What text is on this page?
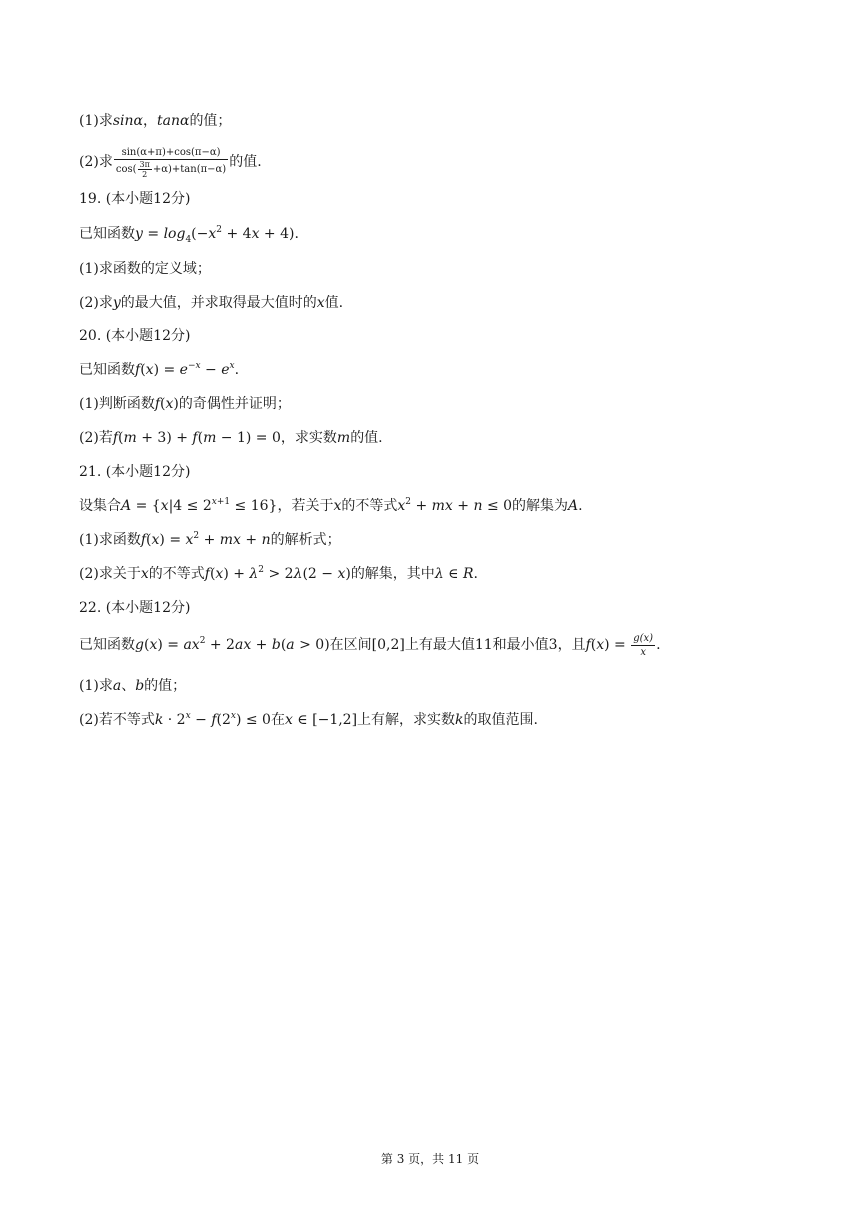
(1)求sinα，tanα的值；
(2)求 $\frac{\sin(\alpha+\pi)+\cos(\pi-\alpha)}{\cos( \frac{3\pi}{2} +\alpha)+\tan(\pi-\alpha)}$ 的值.
19. (本小题12分)
已知函数$y = \log_4(-x^2 + 4x + 4)$.
(1)求函数的定义域；
(2)求y的最大值，并求取得最大值时的x值.
20. (本小题12分)
已知函数$f(x) = e^{-x} - e^x$.
(1)判断函数f(x)的奇偶性并证明；
(2)若f(m + 3) + f(m − 1) = 0，求实数m的值.
21. (本小题12分)
设集合$A = \{x|4 \le 2^{x+1} \le 16\}$，若关于x的不等式$x^2$ + mx + n ≤ 0的解集为A.
(1)求函数$f(x) = x^2$ + mx + n的解析式；
(2)求关于x的不等式$f(x) + \lambda^2 > 2\lambda(2 - x)$的解集，其中λ ∈ R.
22. (本小题12分)
已知函数$g(x) = ax^2 + 2ax + b(a > 0)$在区间[0,2]上有最大值11和最小值3，且$f(x) = \frac{g(x)}{x}$ .
(1)求a、b的值；
(2)若不等式$k \cdot 2^x - f(2^x) \le 0$在x ∈ [−1,2]上有解，求实数k的取值范围.
第 3 页，共 11 页
